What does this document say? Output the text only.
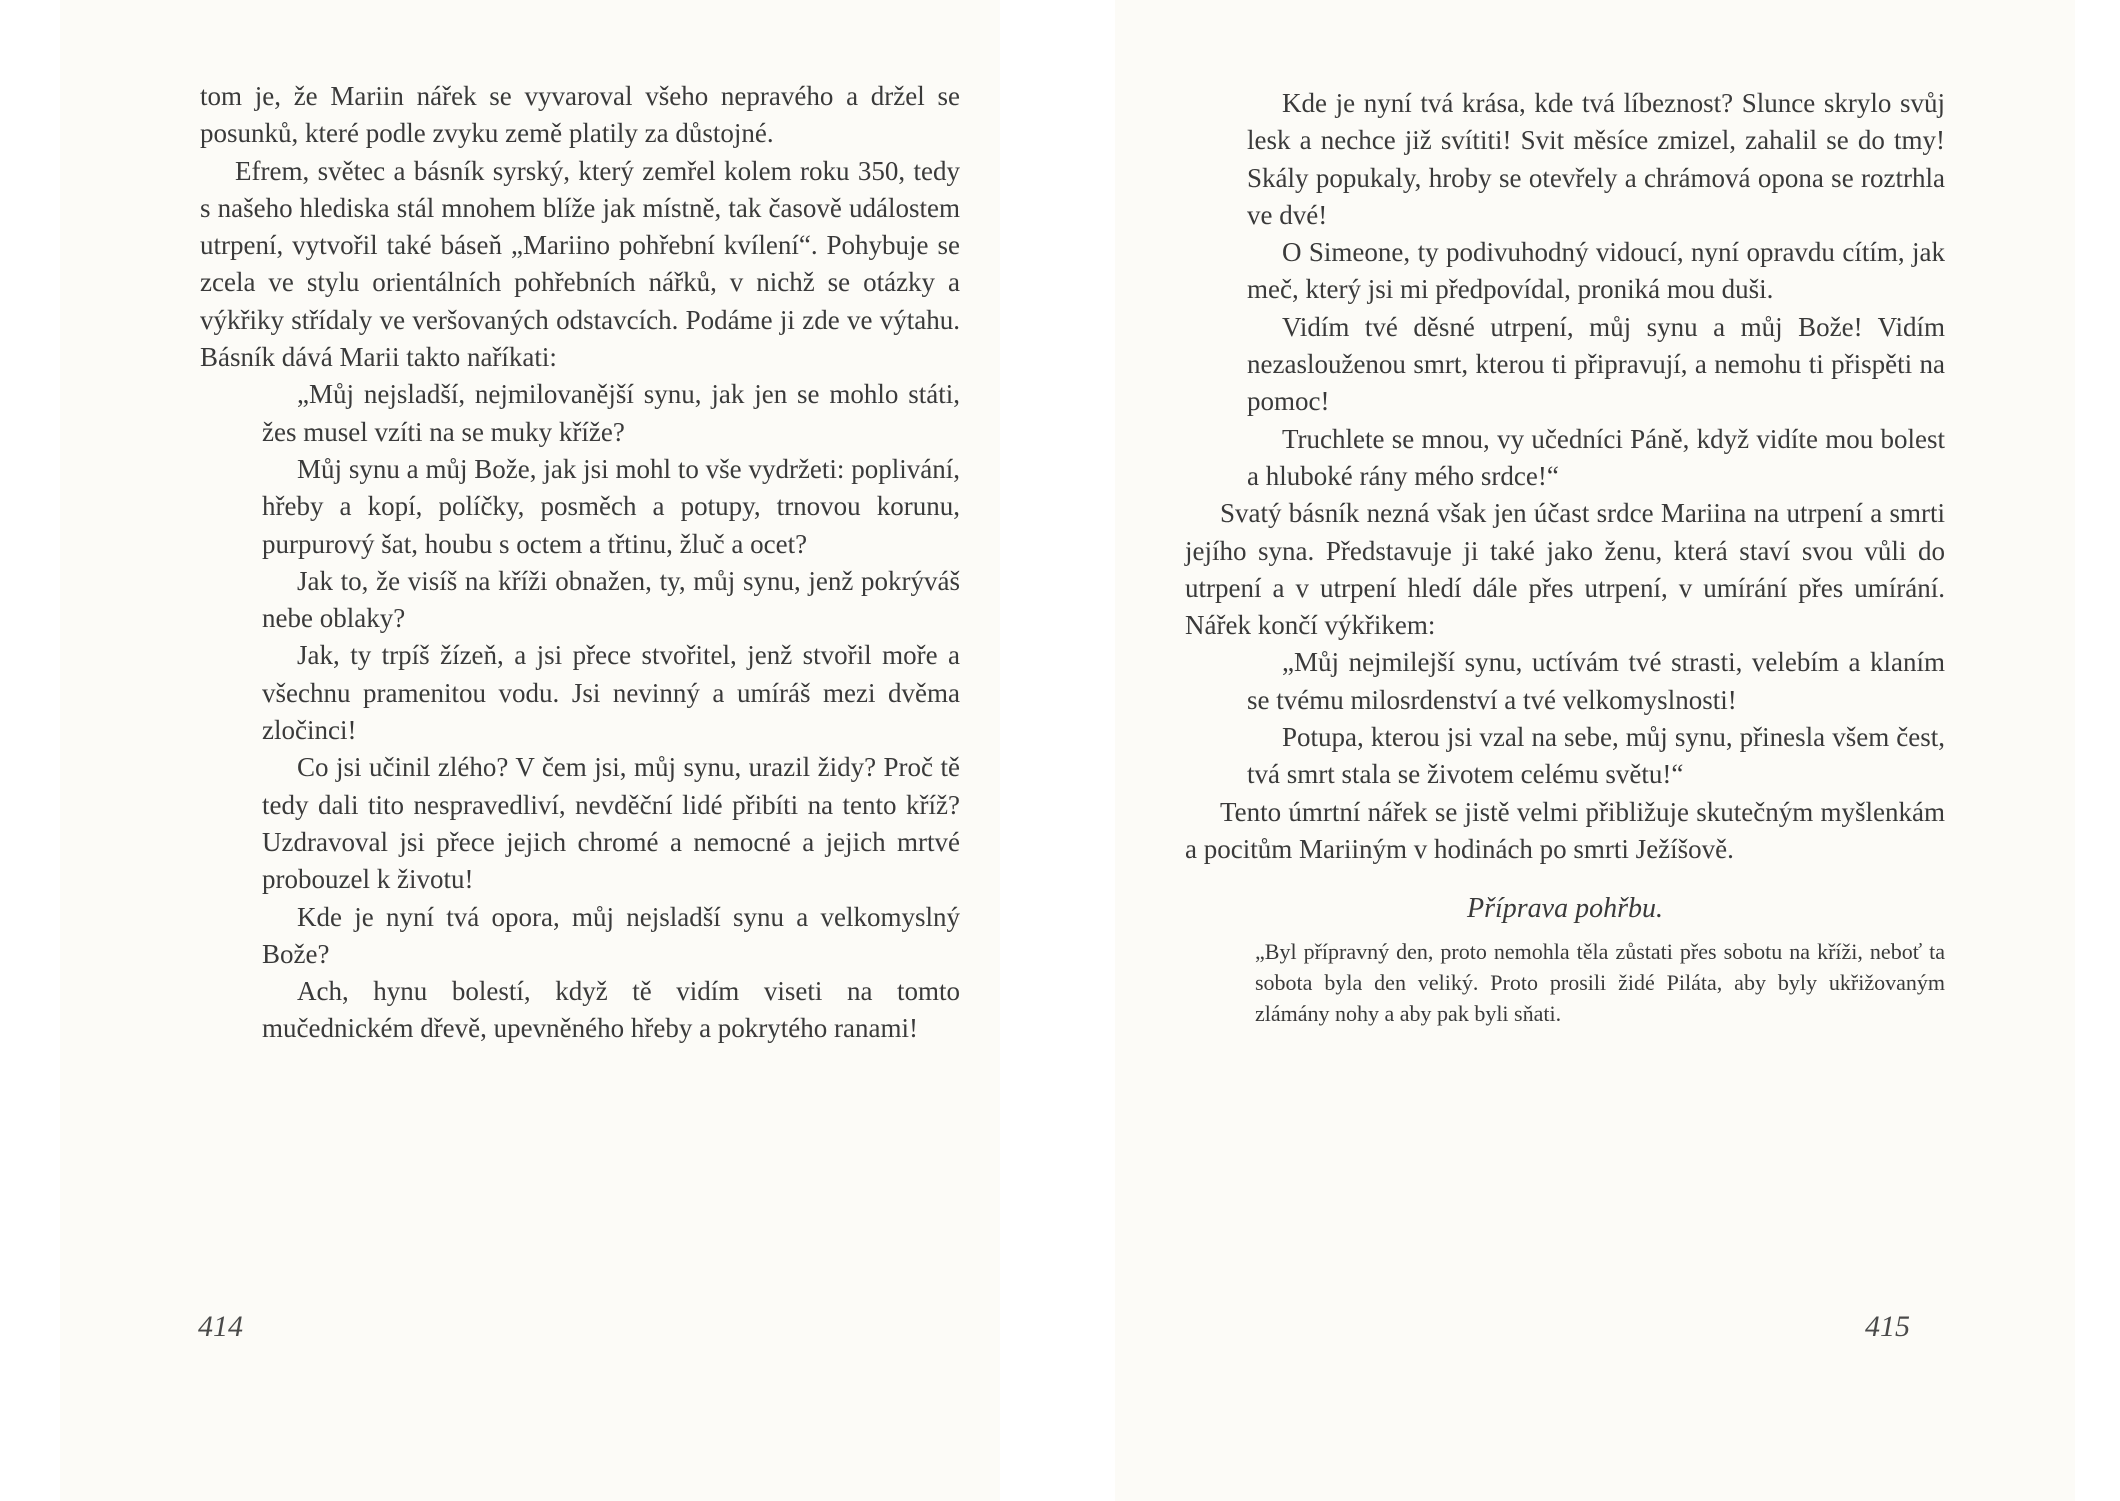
tom je, že Mariin nářek se vyvaroval všeho nepravého a držel se posunků, které podle zvyku země platily za důstojné.

Efrem, světec a básník syrský, který zemřel kolem roku 350, tedy s našeho hlediska stál mnohem blíže jak místně, tak časově událostem utrpení, vytvořil také báseň „Mariino pohřební kvílení“. Pohybuje se zcela ve stylu orientálních pohřebních nářků, v nichž se otázky a výkřiky střídaly ve veršovaných odstavcích. Podáme ji zde ve výtahu. Básník dává Marii takto naříkati:

„Můj nejsladší, nejmilovanější synu, jak jen se mohlo státi, žes musel vzíti na se muky kříže?

Můj synu a můj Bože, jak jsi mohl to vše vydržeti: poplivání, hřeby a kopí, políčky, posměch a potupy, trnovou korunu, purpurový šat, houbu s octem a třtinu, žluč a ocet?

Jak to, že visíš na kříži obnažen, ty, můj synu, jenž pokrýváš nebe oblaky?

Jak, ty trpíš žízeň, a jsi přece stvořitel, jenž stvořil moře a všechnu pramenitou vodu. Jsi nevinný a umíráš mezi dvěma zločinci!

Co jsi učinil zlého? V čem jsi, můj synu, urazil židy? Proč tě tedy dali tito nespravedliví, nevděční lidé přibíti na tento kříž? Uzdravoval jsi přece jejich chromé a nemocné a jejich mrtvé probouzel k životu!

Kde je nyní tvá opora, můj nejsladší synu a velkomyslný Bože?

Ach, hynu bolestí, když tě vidím viseti na tomto mučednickém dřevě, upevněného hřeby a pokrytého ranami!

414

Kde je nyní tvá krása, kde tvá líbeznost? Slunce skrylo svůj lesk a nechce již svítiti! Svit měsíce zmizel, zahalil se do tmy! Skály popukaly, hroby se otevřely a chrámová opona se roztrhla ve dvé!

O Simeone, ty podivuhodný vidoucí, nyní opravdu cítím, jak meč, který jsi mi předpovídal, proniká mou duši.

Vidím tvé děsné utrpení, můj synu a můj Bože! Vidím nezaslouženou smrt, kterou ti připravují, a nemohu ti přispěti na pomoc!

Truchlete se mnou, vy učedníci Páně, když vidíte mou bolest a hluboké rány mého srdce!“

Svatý básník nezná však jen účast srdce Mariina na utrpení a smrti jejího syna. Představuje ji také jako ženu, která staví svou vůli do utrpení a v utrpení hledí dále přes utrpení, v umírání přes umírání. Nářek končí výkřikem:

„Můj nejmilejší synu, uctívám tvé strasti, velebím a klaním se tvému milosrdenství a tvé velkomyslnosti!

Potupa, kterou jsi vzal na sebe, můj synu, přinesla všem čest, tvá smrt stala se životem celému světu!“

Tento úmrtní nářek se jistě velmi přibližuje skutečným myšlenkám a pocitům Mariiným v hodinách po smrti Ježíšově.

Příprava pohřbu.

„Byl přípravný den, proto nemohla těla zůstati přes sobotu na kříži, neboť ta sobota byla den veliký. Proto prosili židé Piláta, aby byly ukřižovaným zlámány nohy a aby pak byli sňati.

415
